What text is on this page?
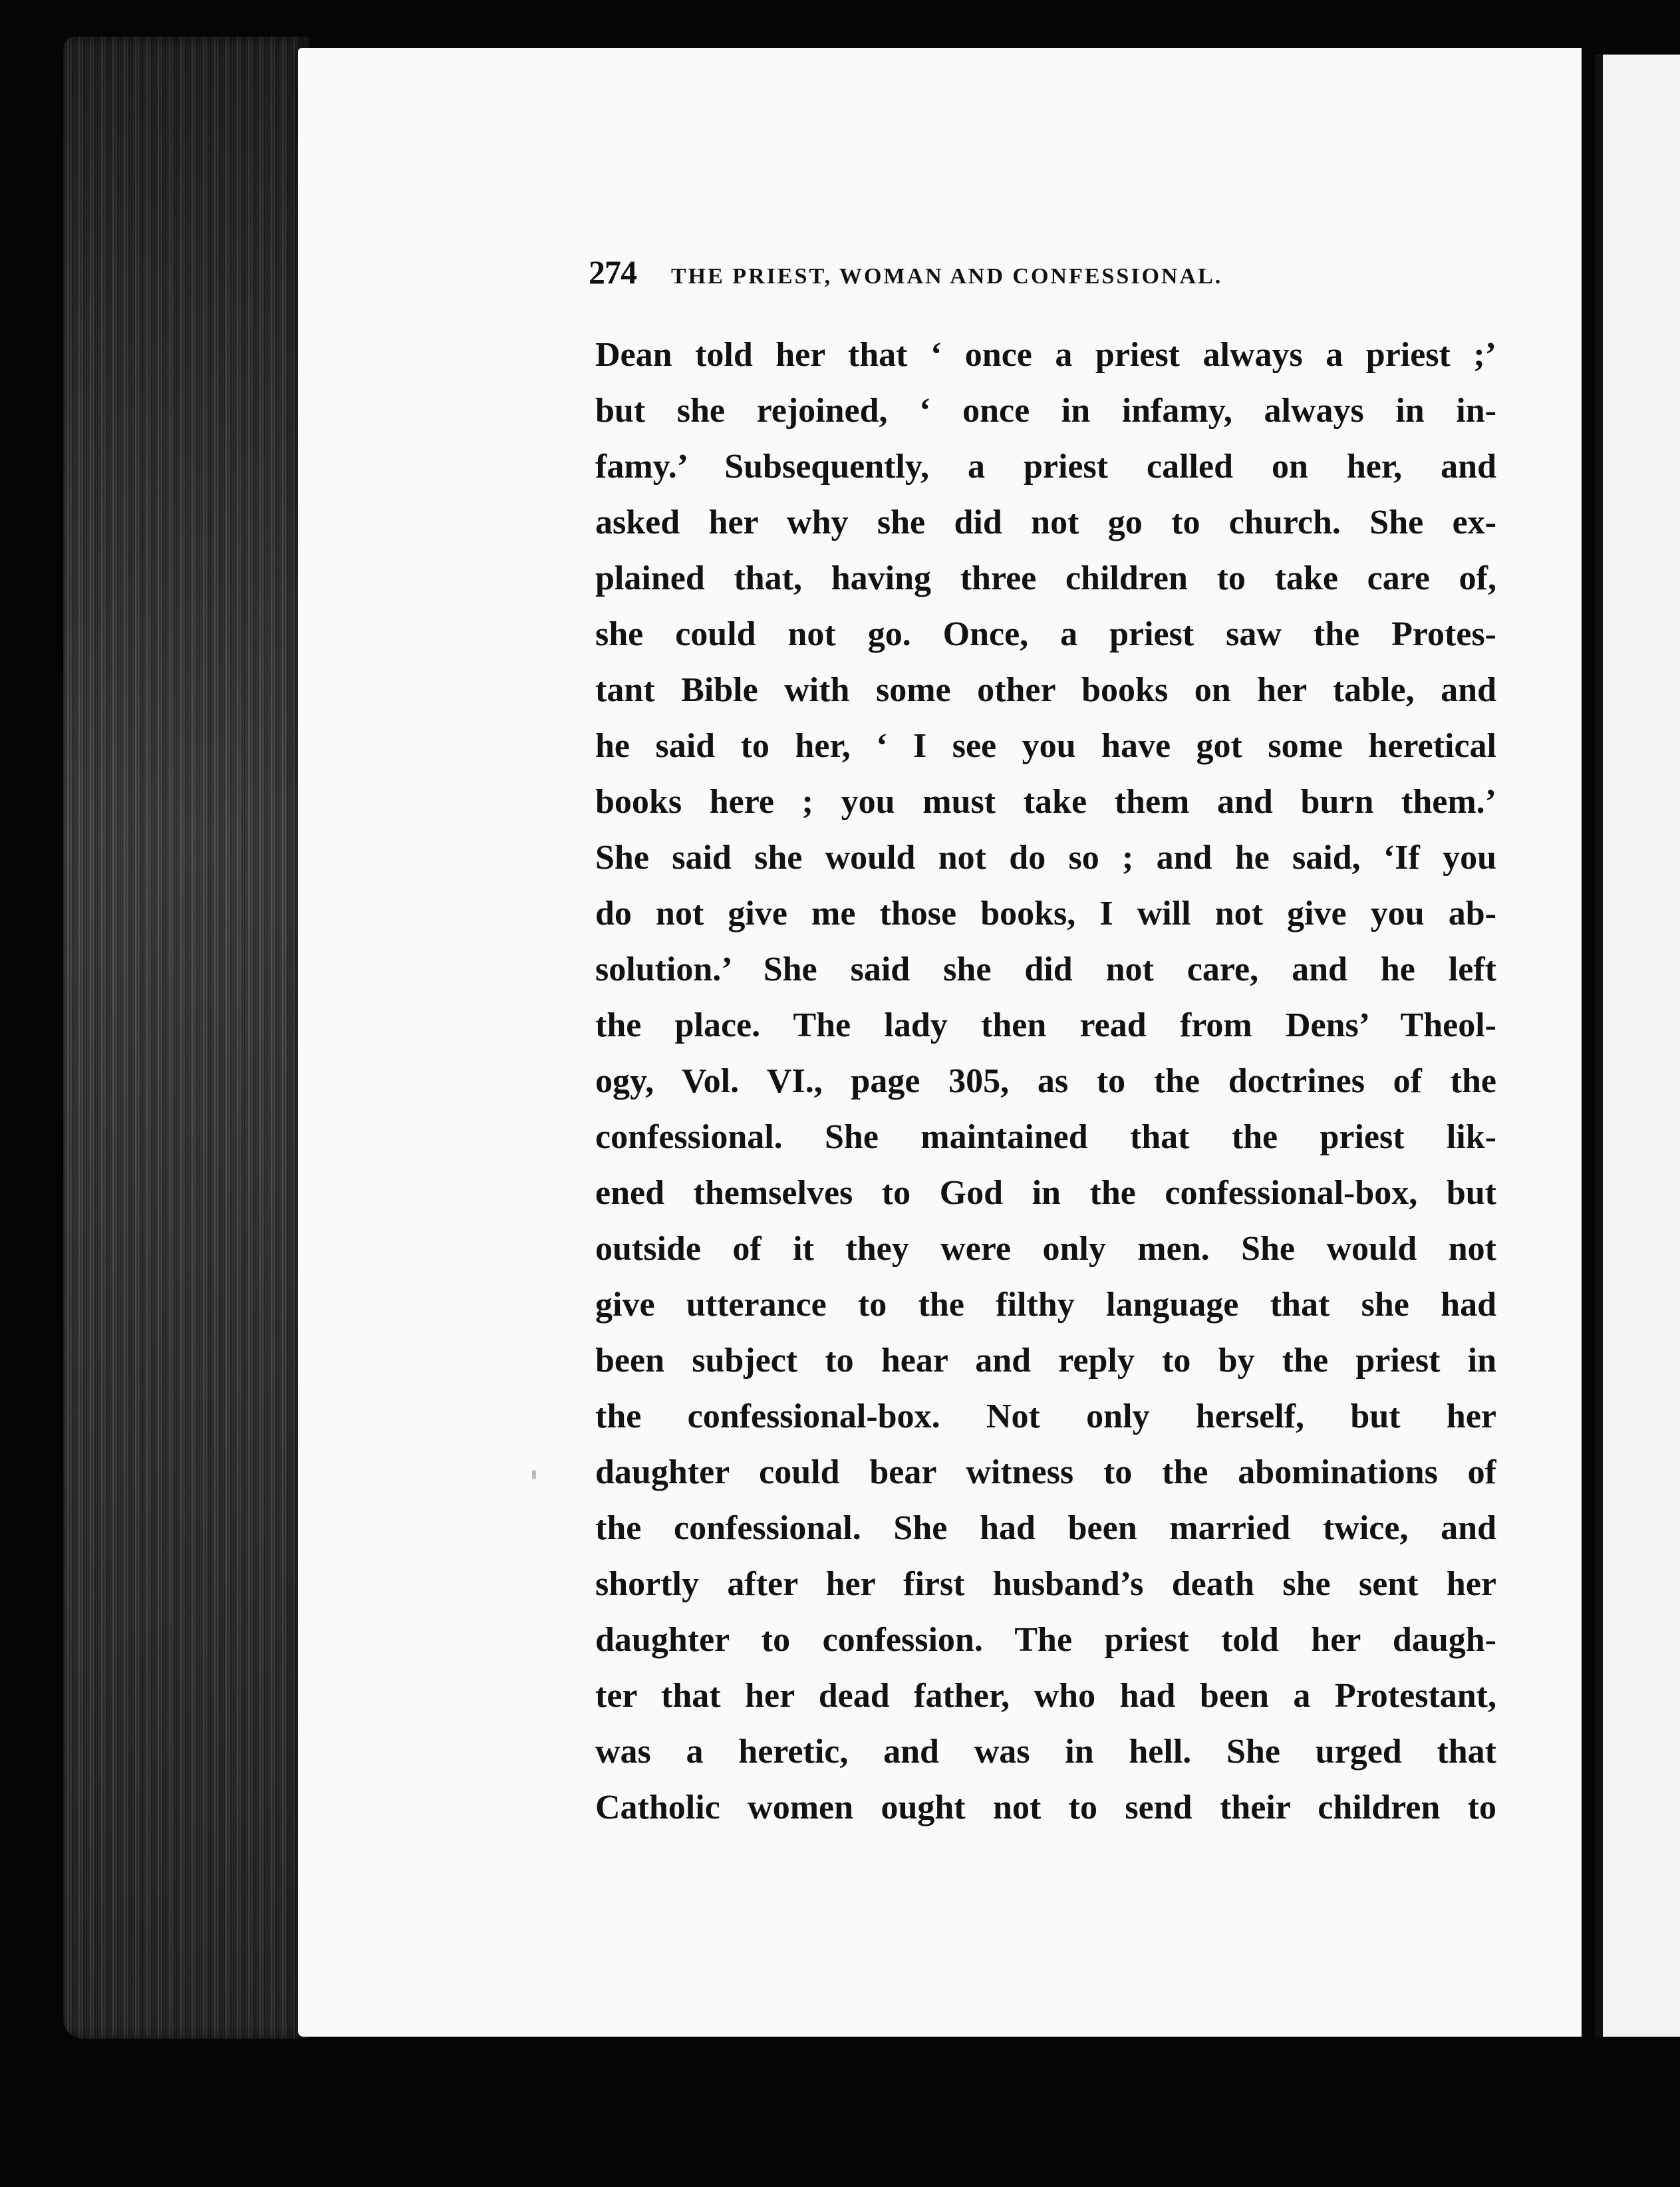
274 THE PRIEST, WOMAN AND CONFESSIONAL.
Dean told her that ‘ once a priest always a priest ;’
but she rejoined, ‘ once in infamy, always in in-
famy.’ Subsequently, a priest called on her, and
asked her why she did not go to church. She ex-
plained that, having three children to take care of,
she could not go. Once, a priest saw the Protes-
tant Bible with some other books on her table, and
he said to her, ‘ I see you have got some heretical
books here ; you must take them and burn them.’
She said she would not do so ; and he said, ‘If you
do not give me those books, I will not give you ab-
solution.’ She said she did not care, and he left
the place. The lady then read from Dens’ Theol-
ogy, Vol. VI., page 305, as to the doctrines of the
confessional. She maintained that the priest lik-
ened themselves to God in the confessional-box, but
outside of it they were only men. She would not
give utterance to the filthy language that she had
been subject to hear and reply to by the priest in
the confessional-box. Not only herself, but her
daughter could bear witness to the abominations of
the confessional. She had been married twice, and
shortly after her first husband’s death she sent her
daughter to confession. The priest told her daugh-
ter that her dead father, who had been a Protestant,
was a heretic, and was in hell. She urged that
Catholic women ought not to send their children to
